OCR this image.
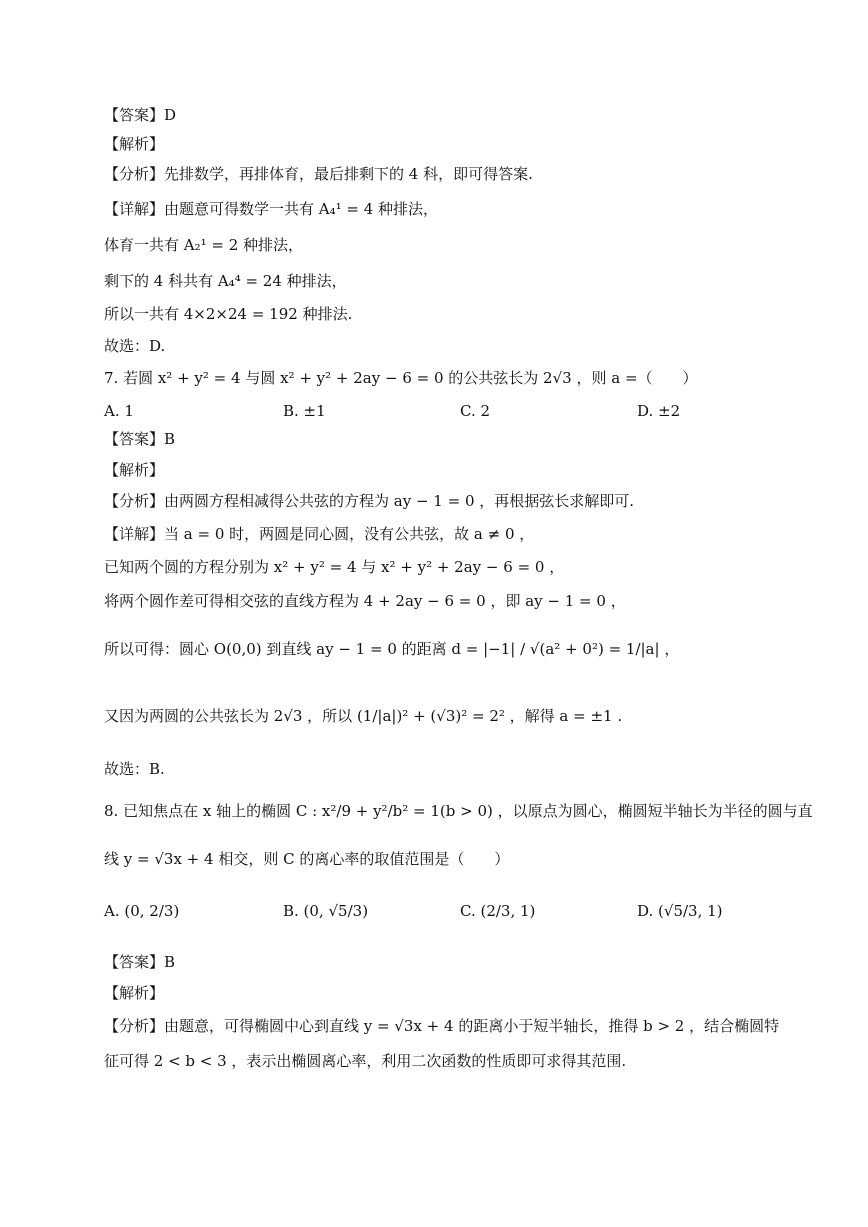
【答案】D
【解析】
【分析】先排数学，再排体育，最后排剩下的 4 科，即可得答案.
【详解】由题意可得数学一共有 A₄¹ = 4 种排法，
体育一共有 A₂¹ = 2 种排法，
剩下的 4 科共有 A₄⁴ = 24 种排法，
所以一共有 4×2×24 = 192 种排法.
故选：D.
7. 若圆 x² + y² = 4 与圆 x² + y² + 2ay − 6 = 0 的公共弦长为 2√3 ，则 a =（　　）
A. 1	B. ±1	C. 2	D. ±2
【答案】B
【解析】
【分析】由两圆方程相减得公共弦的方程为 ay − 1 = 0 ，再根据弦长求解即可.
【详解】当 a = 0 时，两圆是同心圆，没有公共弦，故 a ≠ 0 ，
已知两个圆的方程分别为 x² + y² = 4 与 x² + y² + 2ay − 6 = 0 ，
将两个圆作差可得相交弦的直线方程为 4 + 2ay − 6 = 0 ，即 ay − 1 = 0 ，
所以可得：圆心 O(0,0) 到直线 ay − 1 = 0 的距离 d = |−1| / √(a² + 0²) = 1/|a| ，
又因为两圆的公共弦长为 2√3 ，所以 (1/|a|)² + (√3)² = 2² ，解得 a = ±1 .
故选：B.
8. 已知焦点在 x 轴上的椭圆 C : x²/9 + y²/b² = 1(b > 0) ，以原点为圆心，椭圆短半轴长为半径的圆与直
线 y = √3x + 4 相交，则 C 的离心率的取值范围是（　　）
A. (0, 2/3)	B. (0, √5/3)	C. (2/3, 1)	D. (√5/3, 1)
【答案】B
【解析】
【分析】由题意，可得椭圆中心到直线 y = √3x + 4 的距离小于短半轴长，推得 b > 2 ，结合椭圆特
征可得 2 < b < 3 ，表示出椭圆离心率，利用二次函数的性质即可求得其范围.
